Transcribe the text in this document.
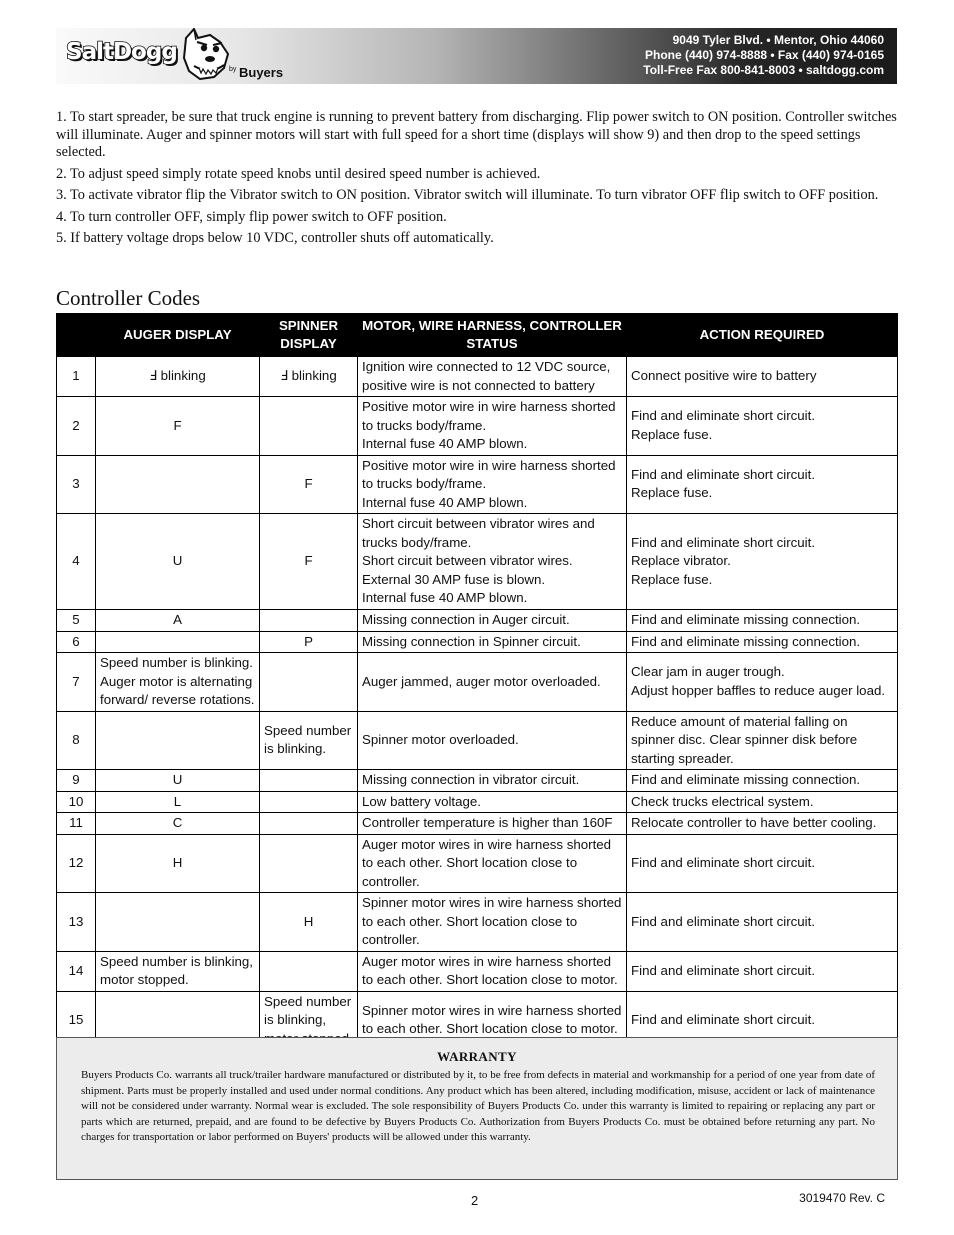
SaltDogg
by Buyers
9049 Tyler Blvd. • Mentor, Ohio 44060
Phone (440) 974-8888 • Fax (440) 974-0165
Toll-Free Fax 800-841-8003 • saltdogg.com

1. To start spreader, be sure that truck engine is running to prevent battery from discharging. Flip power switch to ON position. Controller switches will illuminate. Auger and spinner motors will start with full speed for a short time (displays will show 9) and then drop to the speed settings selected.

2. To adjust speed simply rotate speed knobs until desired speed number is achieved.

3. To activate vibrator flip the Vibrator switch to ON position. Vibrator switch will illuminate. To turn vibrator OFF flip switch to OFF position.

4. To turn controller OFF, simply flip power switch to OFF position.

5. If battery voltage drops below 10 VDC, controller shuts off automatically.

Controller Codes
	AUGER DISPLAY	SPINNER DISPLAY	MOTOR, WIRE HARNESS, CONTROLLER STATUS	ACTION REQUIRED
1	Ⅎ blinking	Ⅎ blinking	Ignition wire connected to 12 VDC source, positive wire is not connected to battery	Connect positive wire to battery
2	F		Positive motor wire in wire harness shorted to trucks body/frame.
Internal fuse 40 AMP blown.	Find and eliminate short circuit.
Replace fuse.
3		F	Positive motor wire in wire harness shorted to trucks body/frame.
Internal fuse 40 AMP blown.	Find and eliminate short circuit.
Replace fuse.
4	U	F	Short circuit between vibrator wires and trucks body/frame.
Short circuit between vibrator wires.
External 30 AMP fuse is blown.
Internal fuse 40 AMP blown.	Find and eliminate short circuit.
Replace vibrator.
Replace fuse.
5	A		Missing connection in Auger circuit.	Find and eliminate missing connection.
6		P	Missing connection in Spinner circuit.	Find and eliminate missing connection.
7	Speed number is blinking.
Auger motor is alternating forward/ reverse rotations.		Auger jammed, auger motor overloaded.	Clear jam in auger trough.
Adjust hopper baffles to reduce auger load.
8		Speed number is blinking.	Spinner motor overloaded.	Reduce amount of material falling on spinner disc. Clear spinner disk before starting spreader.
9	U		Missing connection in vibrator circuit.	Find and eliminate missing connection.
10	L		Low battery voltage.	Check trucks electrical system.
11	C		Controller temperature is higher than 160F	Relocate controller to have better cooling.
12	H		Auger motor wires in wire harness shorted to each other. Short location close to controller.	Find and eliminate short circuit.
13		H	Spinner motor wires in wire harness shorted to each other. Short location close to controller.	Find and eliminate short circuit.
14	Speed number is blinking, motor stopped.		Auger motor wires in wire harness shorted to each other. Short location close to motor.	Find and eliminate short circuit.
15		Speed number is blinking,	Spinner motor wires in wire harness shorted to each other. Short location close to motor.	Find and eliminate short circuit.
WARRANTY
Buyers Products Co. warrants all truck/trailer hardware manufactured or distributed by it, to be free from defects in material and workmanship for a period of one year from date of shipment. Parts must be properly installed and used under normal conditions. Any product which has been altered, including modification, misuse, accident or lack of maintenance will not be considered under warranty. Normal wear is excluded. The sole responsibility of Buyers Products Co. under this warranty is limited to repairing or replacing any part or parts which are returned, prepaid, and are found to be defective by Buyers Products Co. Authorization from Buyers Products Co. must be obtained before returning any part. No charges for transportation or labor performed on Buyers' products will be allowed under this warranty.
2	3019470 Rev. C
